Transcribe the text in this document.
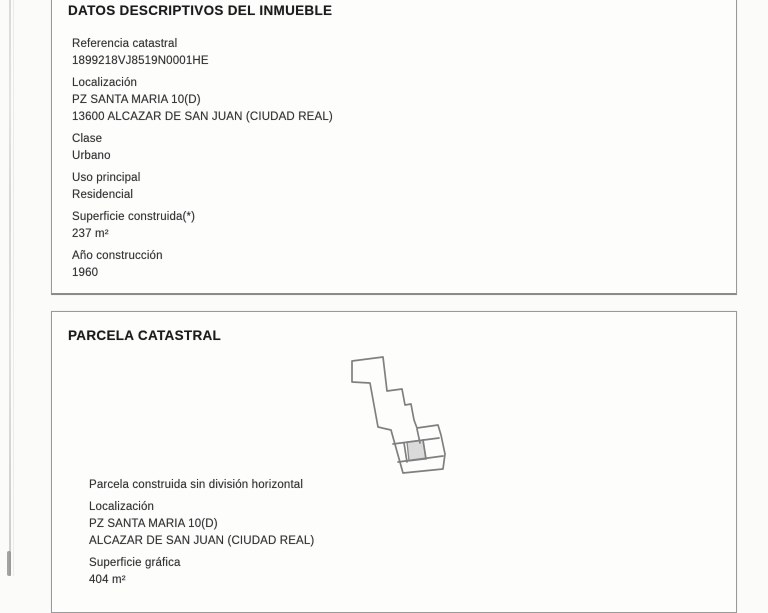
DATOS DESCRIPTIVOS DEL INMUEBLE
Referencia catastral
1899218VJ8519N0001HE
Localización
PZ SANTA MARIA 10(D)
13600 ALCAZAR DE SAN JUAN (CIUDAD REAL)
Clase
Urbano
Uso principal
Residencial
Superficie construida(*)
237 m²
Año construcción
1960
PARCELA CATASTRAL
Parcela construida sin división horizontal
Localización
PZ SANTA MARIA 10(D)
ALCAZAR DE SAN JUAN (CIUDAD REAL)
Superficie gráfica
404 m²
